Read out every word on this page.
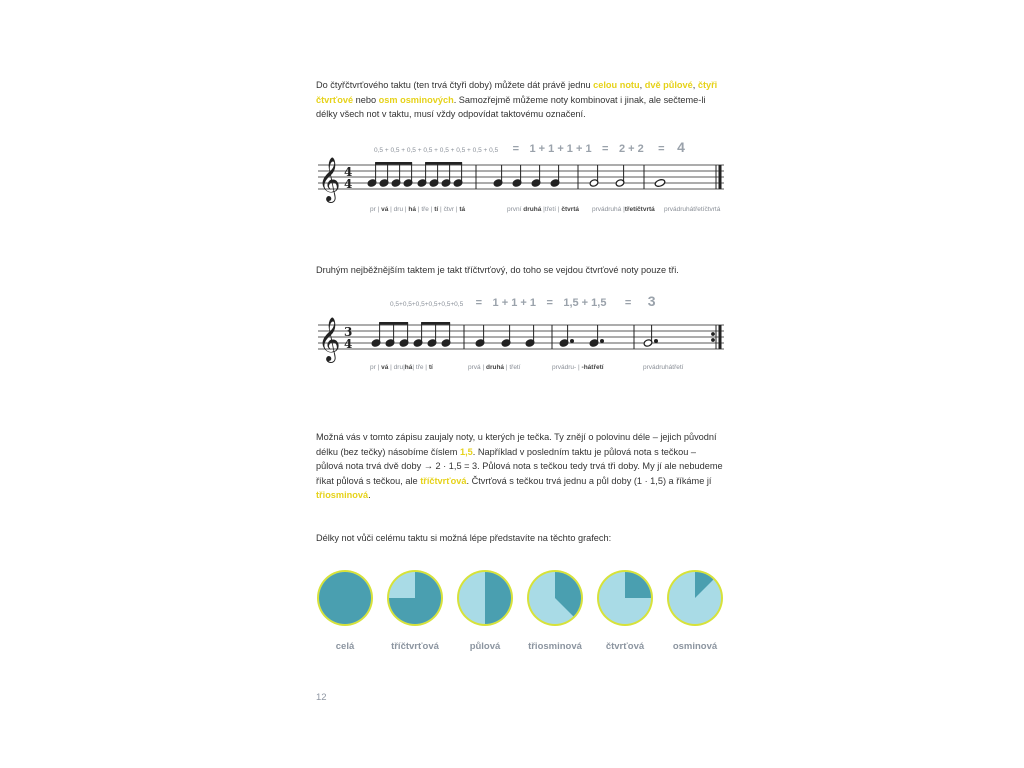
Do čtyřčtvrťového taktu (ten trvá čtyři doby) můžete dát právě jednu celou notu, dvě půlové, čtyři čtvrťové nebo osm osminových. Samozřejmě můžeme noty kombinovat i jinak, ale sečteme-li délky všech not v taktu, musí vždy odpovídat taktovému označení.
0,5 + 0,5 + 0,5 + 0,5 + 0,5 + 0,5 + 0,5 + 0,5 = 1 + 1 + 1 + 1 = 2 + 2 = 4
𝄞 4
4
pr | vá | dru | há | tře | tí | čtvr | tá	první druhá |třetí | čtvrtá prvádruhá |třetíčtvrtá prvádruhátřetíčtvrtá
Druhým nejběžnějším taktem je takt tříčtvrťový, do toho se vejdou čtvrťové noty pouze tři.
0,5+0,5+0,5+0,5+0,5+0,5 = 1 + 1 + 1 = 1,5 + 1,5 = 3
𝄞 3
4
pr | vá | dru|há| tře | tí	prvá | druhá | třetí	prvádru- | -hátřetí	prvádruhátřetí
Možná vás v tomto zápisu zaujaly noty, u kterých je tečka. Ty znějí o polovinu déle – jejich původní délku (bez tečky) násobíme číslem 1,5. Například v posledním taktu je půlová nota s tečkou – půlová nota trvá dvě doby → 2 · 1,5 = 3. Půlová nota s tečkou tedy trvá tři doby. My jí ale nebudeme říkat půlová s tečkou, ale tříčtvrťová. Čtvrťová s tečkou trvá jednu a půl doby (1 · 1,5) a říkáme jí třiosminová.
Délky not vůči celému taktu si možná lépe představíte na těchto grafech:
celá	tříčtvrťová	půlová	třiosminová	čtvrťová	osminová
12
